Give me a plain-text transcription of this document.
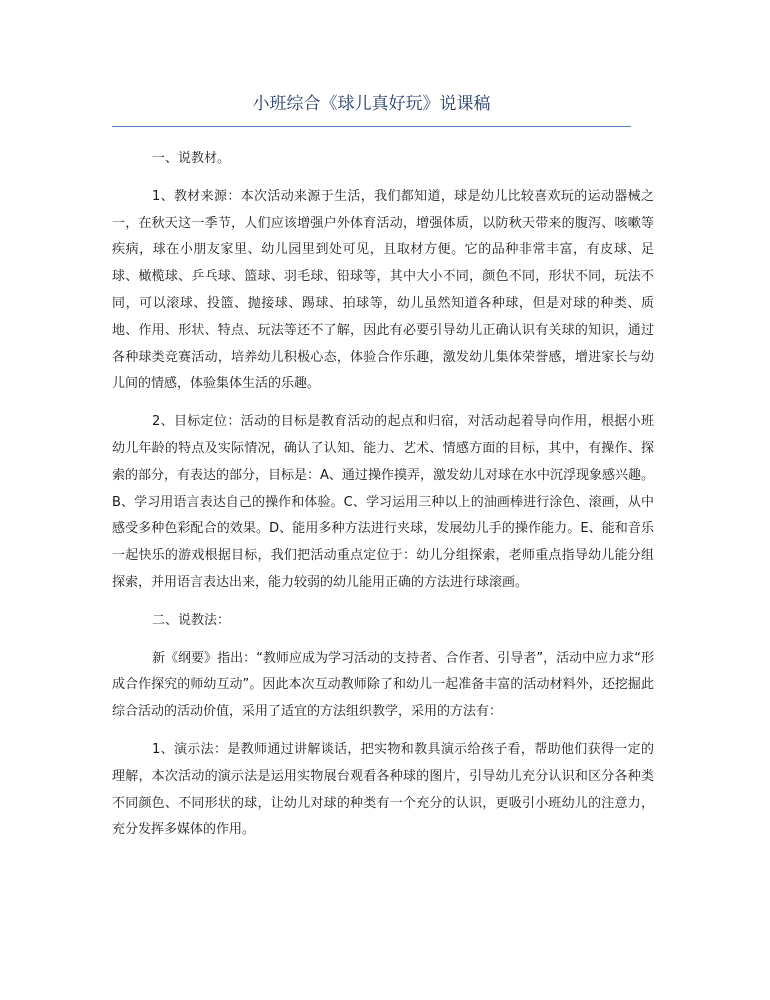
小班综合《球儿真好玩》说课稿

一、说教材。

1、教材来源：本次活动来源于生活，我们都知道，球是幼儿比较喜欢玩的运动器械之一，在秋天这一季节，人们应该增强户外体育活动，增强体质，以防秋天带来的腹泻、咳嗽等疾病，球在小朋友家里、幼儿园里到处可见，且取材方便。它的品种非常丰富，有皮球、足球、橄榄球、乒乓球、篮球、羽毛球、铅球等，其中大小不同，颜色不同，形状不同，玩法不同，可以滚球、投篮、抛接球、踢球、拍球等，幼儿虽然知道各种球，但是对球的种类、质地、作用、形状、特点、玩法等还不了解，因此有必要引导幼儿正确认识有关球的知识，通过各种球类竞赛活动，培养幼儿积极心态，体验合作乐趣，激发幼儿集体荣誉感，增进家长与幼儿间的情感，体验集体生活的乐趣。

2、目标定位：活动的目标是教育活动的起点和归宿，对活动起着导向作用，根据小班幼儿年龄的特点及实际情况，确认了认知、能力、艺术、情感方面的目标，其中，有操作、探索的部分，有表达的部分，目标是：A、通过操作摸弄，激发幼儿对球在水中沉浮现象感兴趣。B、学习用语言表达自己的操作和体验。C、学习运用三种以上的油画棒进行涂色、滚画，从中感受多种色彩配合的效果。D、能用多种方法进行夹球，发展幼儿手的操作能力。E、能和音乐一起快乐的游戏根据目标，我们把活动重点定位于：幼儿分组探索，老师重点指导幼儿能分组探索，并用语言表达出来，能力较弱的幼儿能用正确的方法进行球滚画。

二、说教法：

新《纲要》指出：“教师应成为学习活动的支持者、合作者、引导者”，活动中应力求“形成合作探究的师幼互动”。因此本次互动教师除了和幼儿一起准备丰富的活动材料外，还挖掘此综合活动的活动价值，采用了适宜的方法组织教学，采用的方法有：

1、演示法：是教师通过讲解谈话，把实物和教具演示给孩子看，帮助他们获得一定的理解，本次活动的演示法是运用实物展台观看各种球的图片，引导幼儿充分认识和区分各种类不同颜色、不同形状的球，让幼儿对球的种类有一个充分的认识，更吸引小班幼儿的注意力，充分发挥多媒体的作用。
